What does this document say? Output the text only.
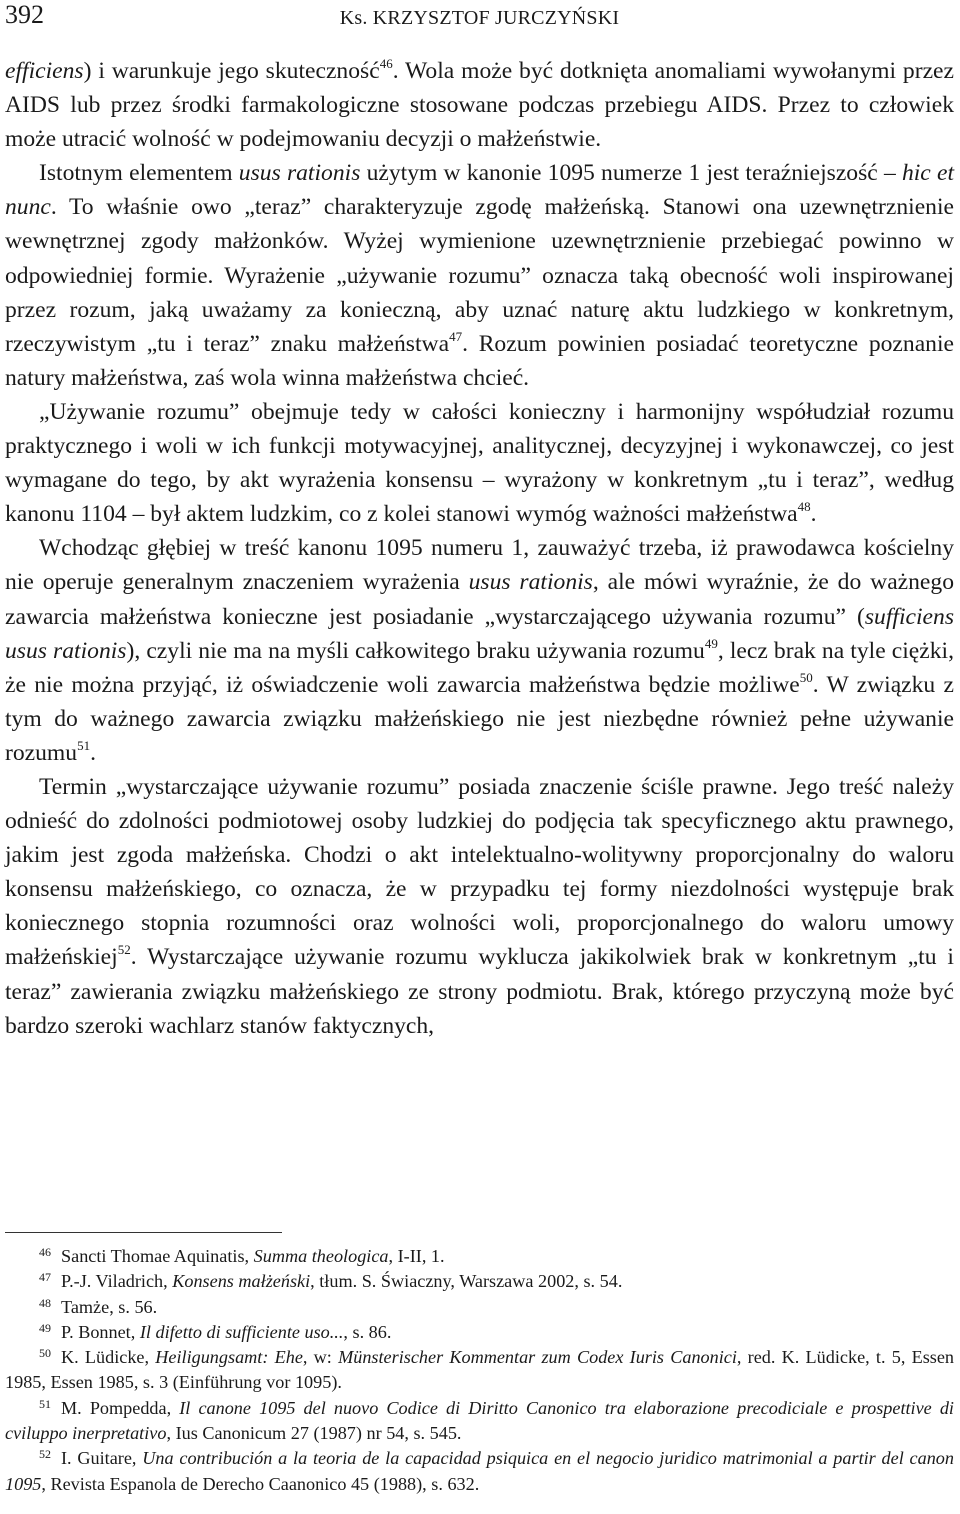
392	Ks. KRZYSZTOF JURCZYŃSKI

efficiens) i warunkuje jego skuteczność$^{46}$. Wola może być dotknięta anomaliami wywołanymi przez AIDS lub przez środki farmakologiczne stosowane podczas przebiegu AIDS. Przez to człowiek może utracić wolność w podejmowaniu decyzji o małżeństwie.

Istotnym elementem usus rationis użytym w kanonie 1095 numerze 1 jest teraźniejszość – hic et nunc. To właśnie owo „teraz” charakteryzuje zgodę małżeńską. Stanowi ona uzewnętrznienie wewnętrznej zgody małżonków. Wyżej wymienione uzewnętrznienie przebiegać powinno w odpowiedniej formie. Wyrażenie „używanie rozumu” oznacza taką obecność woli inspirowanej przez rozum, jaką uważamy za konieczną, aby uznać naturę aktu ludzkiego w konkretnym, rzeczywistym „tu i teraz” znaku małżeństwa$^{47}$. Rozum powinien posiadać teoretyczne poznanie natury małżeństwa, zaś wola winna małżeństwa chcieć.

„Używanie rozumu” obejmuje tedy w całości konieczny i harmonijny współudział rozumu praktycznego i woli w ich funkcji motywacyjnej, analitycznej, decyzyjnej i wykonawczej, co jest wymagane do tego, by akt wyrażenia konsensu – wyrażony w konkretnym „tu i teraz”, według kanonu 1104 – był aktem ludzkim, co z kolei stanowi wymóg ważności małżeństwa$^{48}$.

Wchodząc głębiej w treść kanonu 1095 numeru 1, zauważyć trzeba, iż prawodawca kościelny nie operuje generalnym znaczeniem wyrażenia usus rationis, ale mówi wyraźnie, że do ważnego zawarcia małżeństwa konieczne jest posiadanie „wystarczającego używania rozumu” (sufficiens usus rationis), czyli nie ma na myśli całkowitego braku używania rozumu$^{49}$, lecz brak na tyle ciężki, że nie można przyjąć, iż oświadczenie woli zawarcia małżeństwa będzie możliwe$^{50}$. W związku z tym do ważnego zawarcia związku małżeńskiego nie jest niezbędne również pełne używanie rozumu$^{51}$.

Termin „wystarczające używanie rozumu” posiada znaczenie ściśle prawne. Jego treść należy odnieść do zdolności podmiotowej osoby ludzkiej do podjęcia tak specyficznego aktu prawnego, jakim jest zgoda małżeńska. Chodzi o akt intelektualno-wolitywny proporcjonalny do waloru konsensu małżeńskiego, co oznacza, że w przypadku tej formy niezdolności występuje brak koniecznego stopnia rozumności oraz wolności woli, proporcjonalnego do waloru umowy małżeńskiej$^{52}$. Wystarczające używanie rozumu wyklucza jakikolwiek brak w konkretnym „tu i teraz” zawierania związku małżeńskiego ze strony podmiotu. Brak, którego przyczyną może być bardzo szeroki wachlarz stanów faktycznych,

$^{46}$ Sancti Thomae Aquinatis, Summa theologica, I-II, 1.

$^{47}$ P.-J. Viladrich, Konsens małżeński, tłum. S. Świaczny, Warszawa 2002, s. 54.

$^{48}$ Tamże, s. 56.

$^{49}$ P. Bonnet, Il difetto di sufficiente uso..., s. 86.

$^{50}$ K. Lüdicke, Heiligungsamt: Ehe, w: Münsterischer Kommentar zum Codex Iuris Canonici, red. K. Lüdicke, t. 5, Essen 1985, Essen 1985, s. 3 (Einführung vor 1095).

$^{51}$ M. Pompedda, Il canone 1095 del nuovo Codice di Diritto Canonico tra elaborazione precodiciale e prospettive di cviluppo inerpretativo, Ius Canonicum 27 (1987) nr 54, s. 545.

$^{52}$ I. Guitare, Una contribución a la teoria de la capacidad psiquica en el negocio juridico matrimonial a partir del canon 1095, Revista Espanola de Derecho Caanonico 45 (1988), s. 632.
